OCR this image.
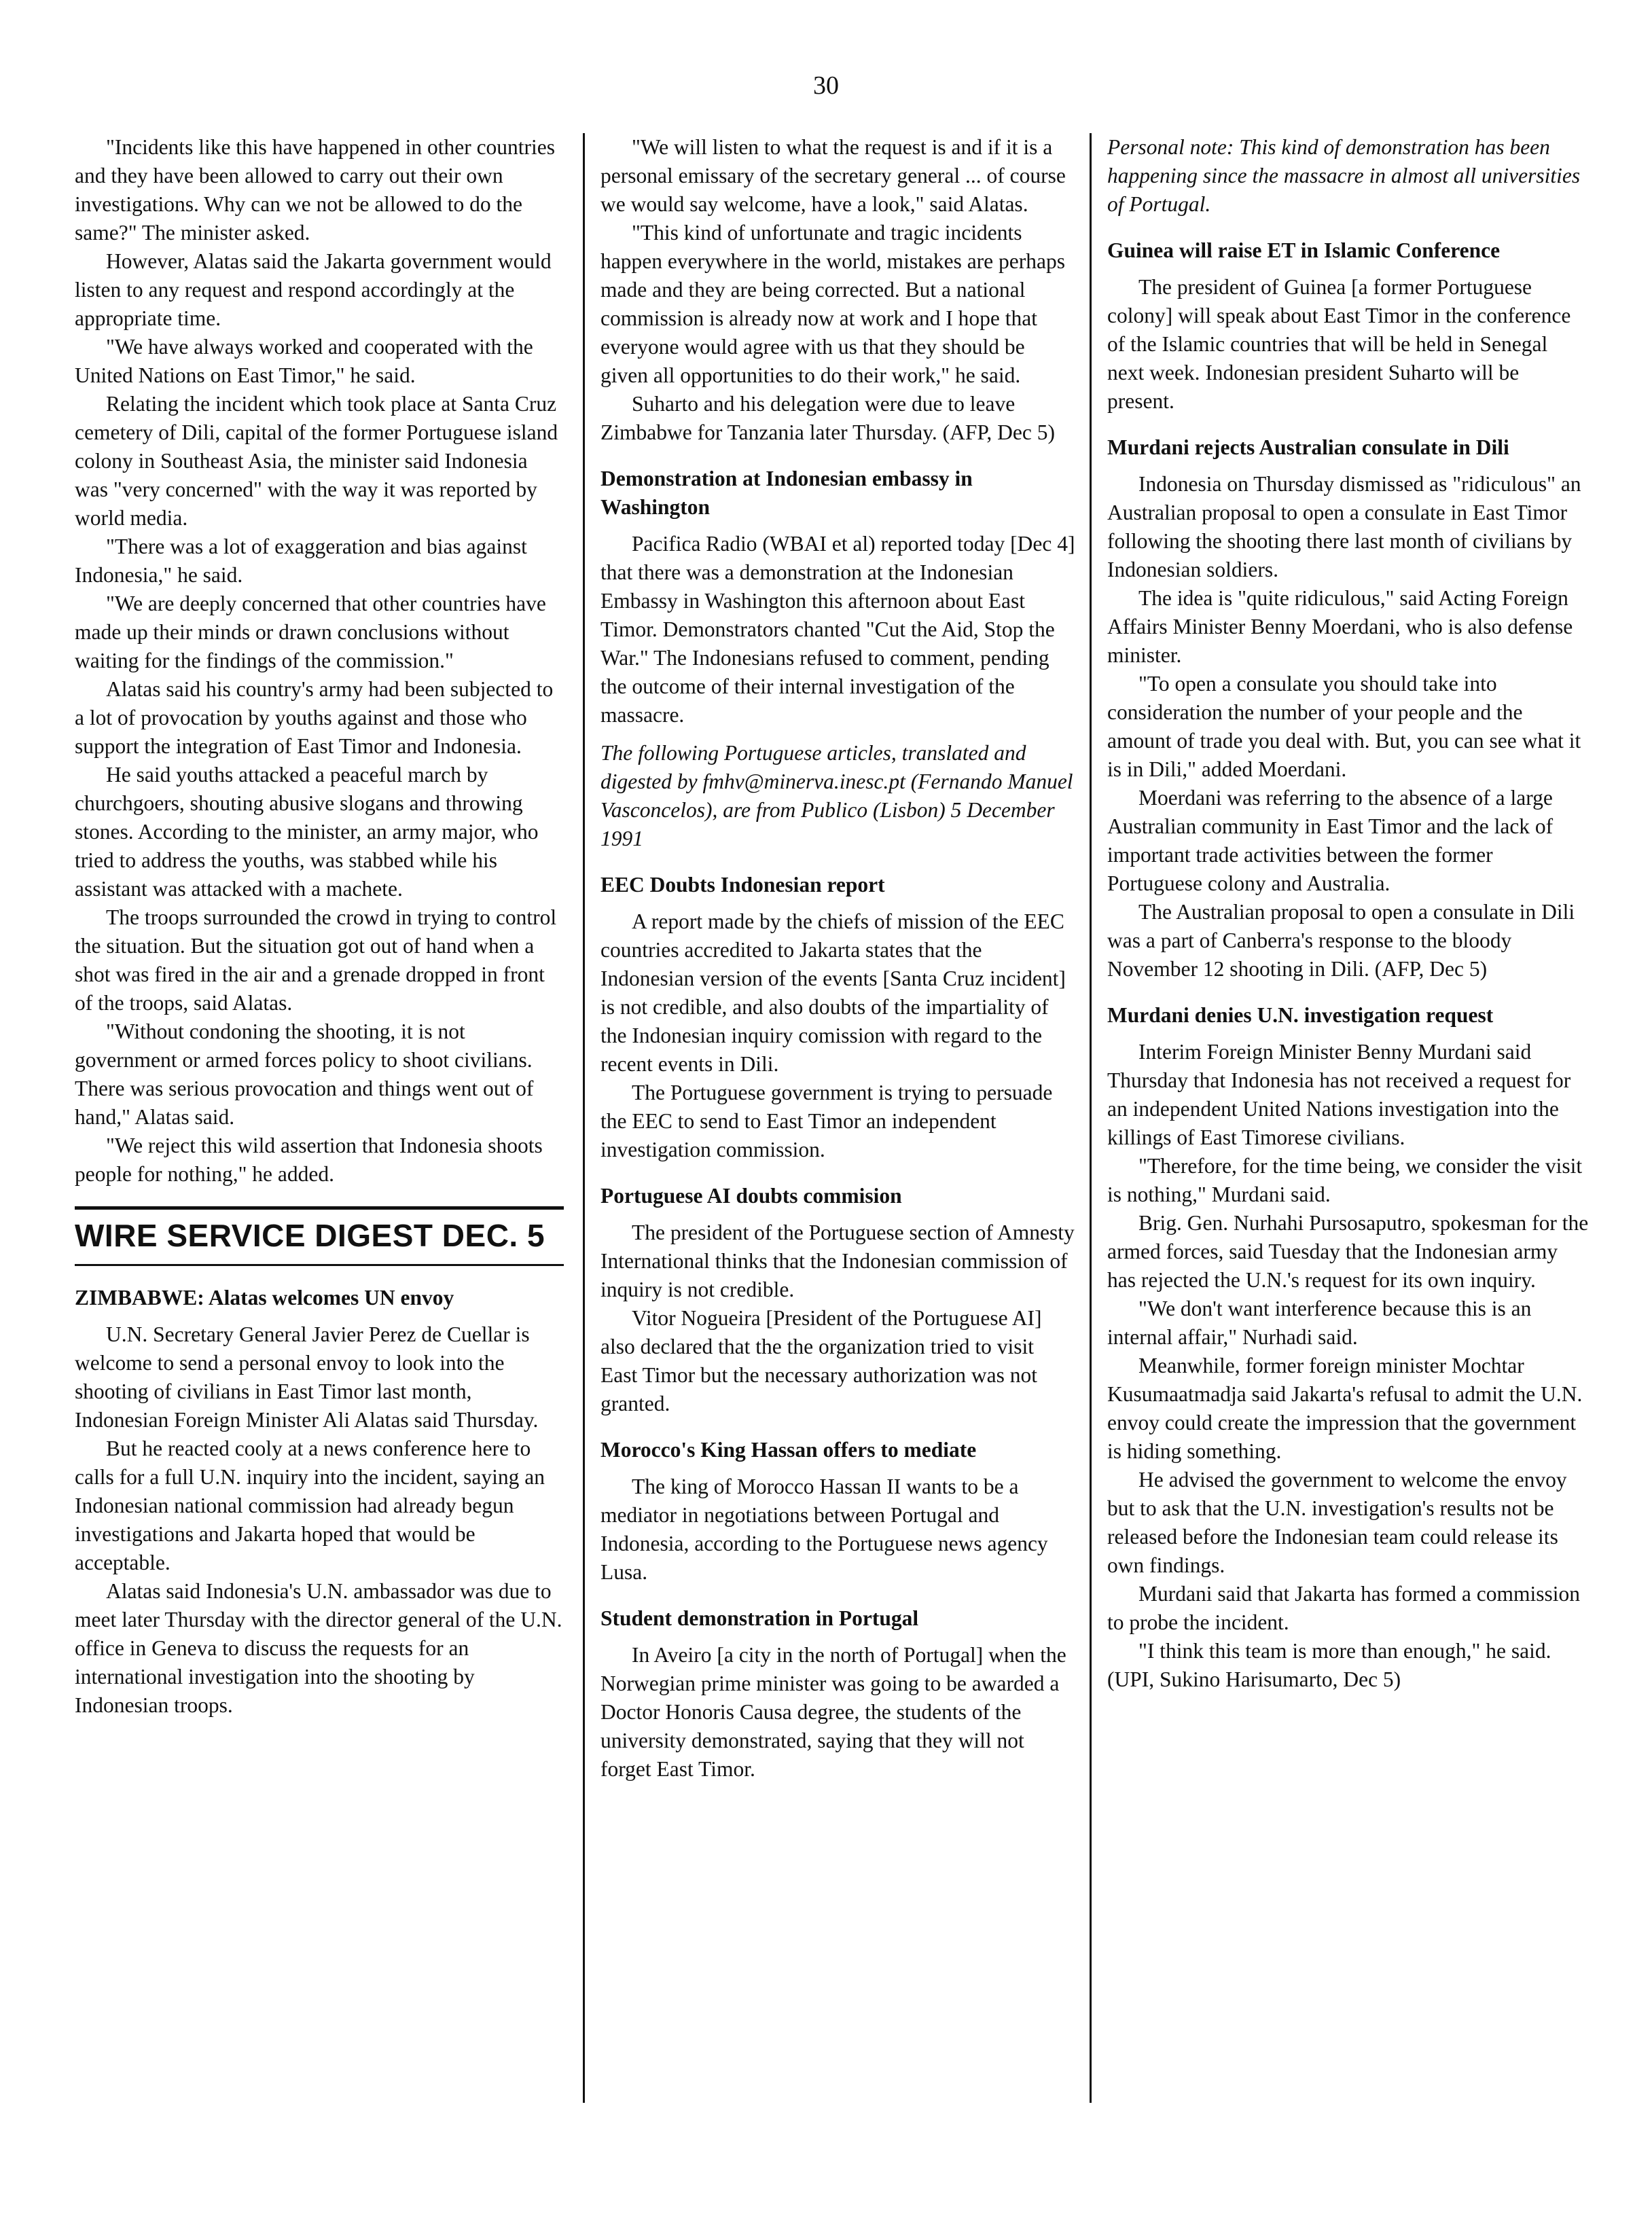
30

"Incidents like this have happened in other countries and they have been allowed to carry out their own investigations. Why can we not be allowed to do the same?" The minister asked.

However, Alatas said the Jakarta government would listen to any request and respond accordingly at the appropriate time.

"We have always worked and cooperated with the United Nations on East Timor," he said.

Relating the incident which took place at Santa Cruz cemetery of Dili, capital of the former Portuguese island colony in Southeast Asia, the minister said Indonesia was "very concerned" with the way it was reported by world media.

"There was a lot of exaggeration and bias against Indonesia," he said.

"We are deeply concerned that other countries have made up their minds or drawn conclusions without waiting for the findings of the commission."

Alatas said his country's army had been subjected to a lot of provocation by youths against and those who support the integration of East Timor and Indonesia.

He said youths attacked a peaceful march by churchgoers, shouting abusive slogans and throwing stones. According to the minister, an army major, who tried to address the youths, was stabbed while his assistant was attacked with a machete.

The troops surrounded the crowd in trying to control the situation. But the situation got out of hand when a shot was fired in the air and a grenade dropped in front of the troops, said Alatas.

"Without condoning the shooting, it is not government or armed forces policy to shoot civilians. There was serious provocation and things went out of hand," Alatas said.

"We reject this wild assertion that Indonesia shoots people for nothing," he added.

WIRE SERVICE DIGEST DEC. 5
ZIMBABWE: Alatas welcomes UN envoy

U.N. Secretary General Javier Perez de Cuellar is welcome to send a personal envoy to look into the shooting of civilians in East Timor last month, Indonesian Foreign Minister Ali Alatas said Thursday.

But he reacted cooly at a news conference here to calls for a full U.N. inquiry into the incident, saying an Indonesian national commission had already begun investigations and Jakarta hoped that would be acceptable.

Alatas said Indonesia's U.N. ambassador was due to meet later Thursday with the director general of the U.N. office in Geneva to discuss the requests for an international investigation into the shooting by Indonesian troops.

"We will listen to what the request is and if it is a personal emissary of the secretary general ... of course we would say welcome, have a look," said Alatas.

"This kind of unfortunate and tragic incidents happen everywhere in the world, mistakes are perhaps made and they are being corrected. But a national commission is already now at work and I hope that everyone would agree with us that they should be given all opportunities to do their work," he said.

Suharto and his delegation were due to leave Zimbabwe for Tanzania later Thursday. (AFP, Dec 5)

Demonstration at Indonesian embassy in Washington

Pacifica Radio (WBAI et al) reported today [Dec 4] that there was a demonstration at the Indonesian Embassy in Washington this afternoon about East Timor. Demonstrators chanted "Cut the Aid, Stop the War." The Indonesians refused to comment, pending the outcome of their internal investigation of the massacre.

The following Portuguese articles, translated and digested by fmhv@minerva.inesc.pt (Fernando Manuel Vasconcelos), are from Publico (Lisbon) 5 December 1991

EEC Doubts Indonesian report

A report made by the chiefs of mission of the EEC countries accredited to Jakarta states that the Indonesian version of the events [Santa Cruz incident] is not credible, and also doubts of the impartiality of the Indonesian inquiry comission with regard to the recent events in Dili.

The Portuguese government is trying to persuade the EEC to send to East Timor an independent investigation commission.

Portuguese AI doubts commision

The president of the Portuguese section of Amnesty International thinks that the Indonesian commission of inquiry is not credible.

Vitor Nogueira [President of the Portuguese AI] also declared that the the organization tried to visit East Timor but the necessary authorization was not granted.

Morocco's King Hassan offers to mediate

The king of Morocco Hassan II wants to be a mediator in negotiations between Portugal and Indonesia, according to the Portuguese news agency Lusa.

Student demonstration in Portugal

In Aveiro [a city in the north of Portugal] when the Norwegian prime minister was going to be awarded a Doctor Honoris Causa degree, the students of the university demonstrated, saying that they will not forget East Timor.

Personal note: This kind of demonstration has been happening since the massacre in almost all universities of Portugal.

Guinea will raise ET in Islamic Conference

The president of Guinea [a former Portuguese colony] will speak about East Timor in the conference of the Islamic countries that will be held in Senegal next week. Indonesian president Suharto will be present.

Murdani rejects Australian consulate in Dili

Indonesia on Thursday dismissed as "ridiculous" an Australian proposal to open a consulate in East Timor following the shooting there last month of civilians by Indonesian soldiers.

The idea is "quite ridiculous," said Acting Foreign Affairs Minister Benny Moerdani, who is also defense minister.

"To open a consulate you should take into consideration the number of your people and the amount of trade you deal with. But, you can see what it is in Dili," added Moerdani.

Moerdani was referring to the absence of a large Australian community in East Timor and the lack of important trade activities between the former Portuguese colony and Australia.

The Australian proposal to open a consulate in Dili was a part of Canberra's response to the bloody November 12 shooting in Dili. (AFP, Dec 5)

Murdani denies U.N. investigation request

Interim Foreign Minister Benny Murdani said Thursday that Indonesia has not received a request for an independent United Nations investigation into the killings of East Timorese civilians.

"Therefore, for the time being, we consider the visit is nothing," Murdani said.

Brig. Gen. Nurhahi Pursosaputro, spokesman for the armed forces, said Tuesday that the Indonesian army has rejected the U.N.'s request for its own inquiry.

"We don't want interference because this is an internal affair," Nurhadi said.

Meanwhile, former foreign minister Mochtar Kusumaatmadja said Jakarta's refusal to admit the U.N. envoy could create the impression that the government is hiding something.

He advised the government to welcome the envoy but to ask that the U.N. investigation's results not be released before the Indonesian team could release its own findings.

Murdani said that Jakarta has formed a commission to probe the incident.

"I think this team is more than enough," he said. (UPI, Sukino Harisumarto, Dec 5)
